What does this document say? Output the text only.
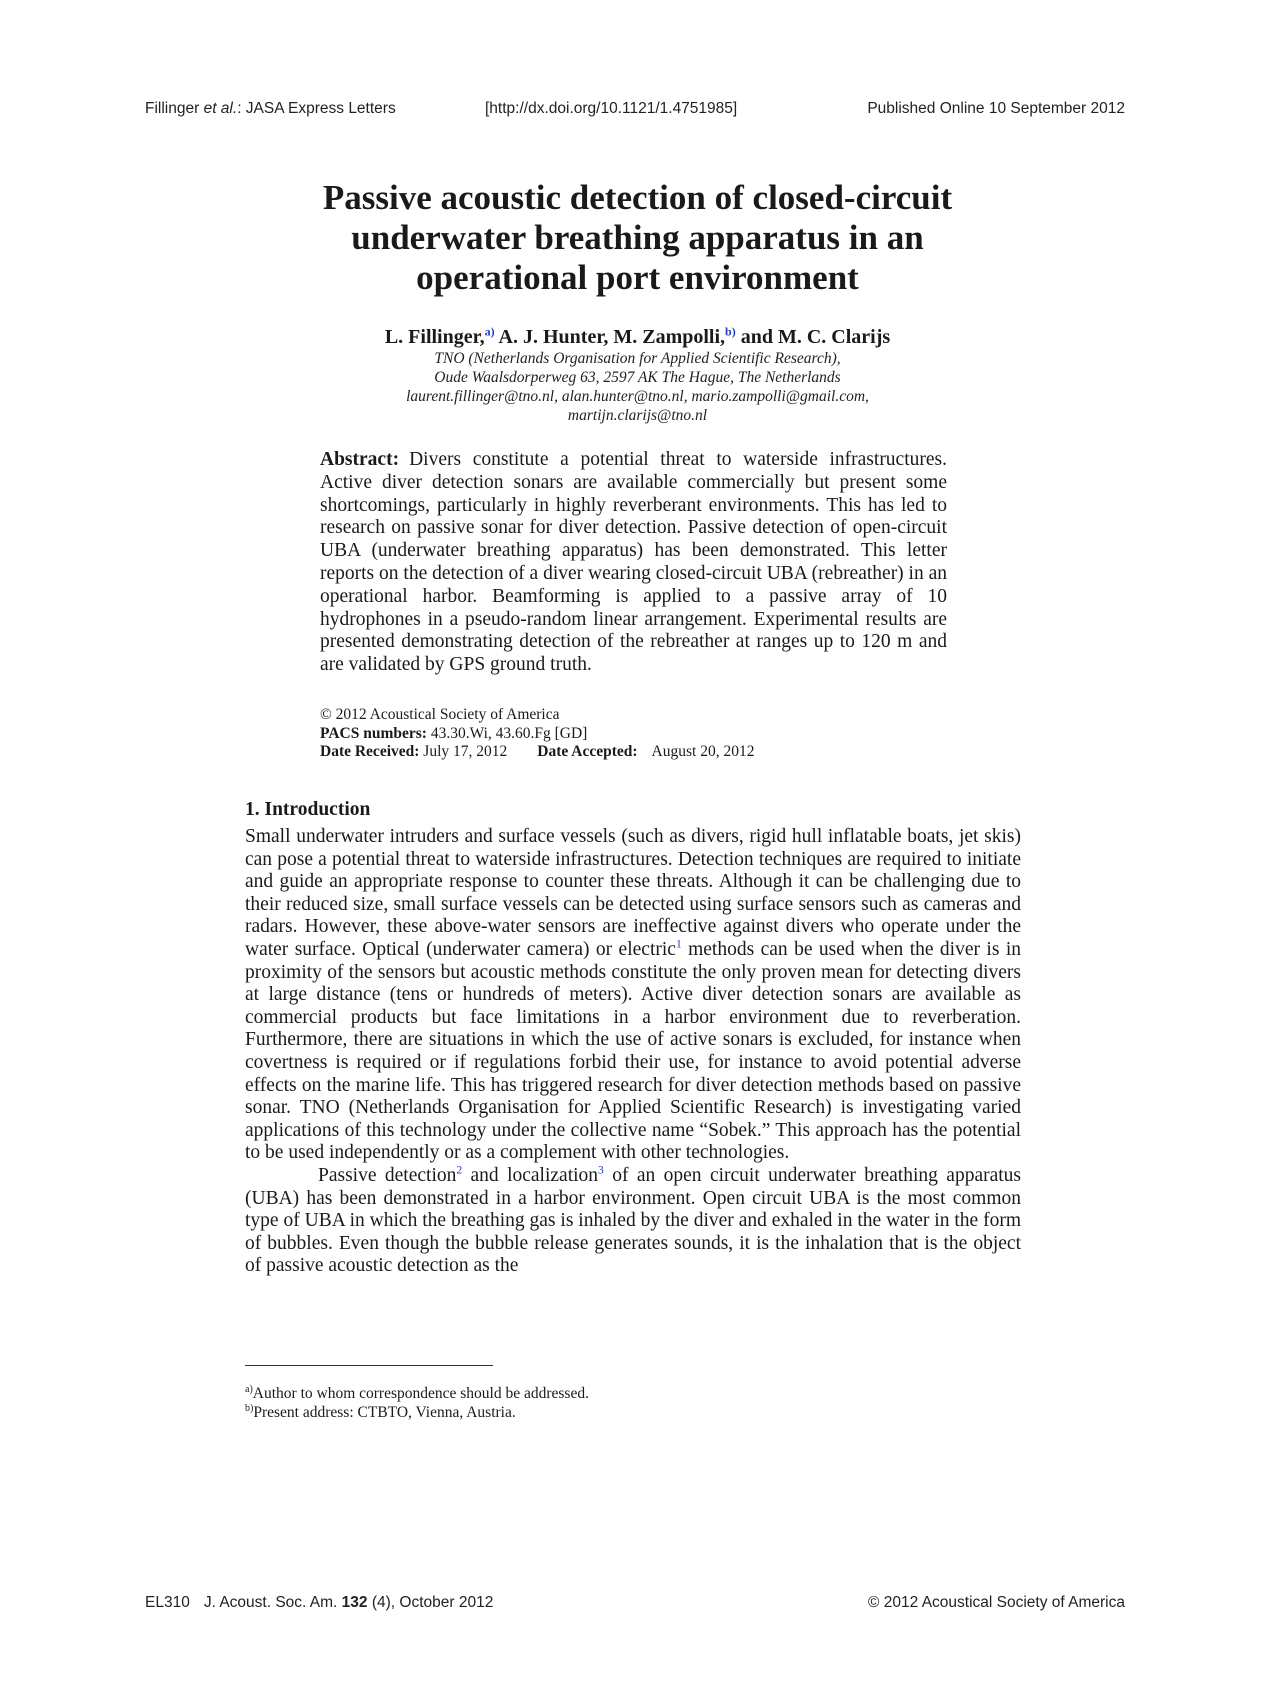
Fillinger et al.: JASA Express Letters	[http://dx.doi.org/10.1121/1.4751985]	Published Online 10 September 2012
Passive acoustic detection of closed-circuit
underwater breathing apparatus in an
operational port environment
L. Fillinger,$^{a)}$ A. J. Hunter, M. Zampolli,$^{b)}$ and M. C. Clarijs
TNO (Netherlands Organisation for Applied Scientific Research),
Oude Waalsdorperweg 63, 2597 AK The Hague, The Netherlands
laurent.fillinger@tno.nl, alan.hunter@tno.nl, mario.zampolli@gmail.com,
martijn.clarijs@tno.nl
Abstract: Divers constitute a potential threat to waterside infrastructures. Active diver detection sonars are available commercially but present some shortcomings, particularly in highly reverberant environments. This has led to research on passive sonar for diver detection. Passive detection of open-circuit UBA (underwater breathing apparatus) has been demonstrated. This letter reports on the detection of a diver wearing closed-circuit UBA (rebreather) in an operational harbor. Beamforming is applied to a passive array of 10 hydrophones in a pseudo-random linear arrangement. Experimental results are presented demonstrating detection of the rebreather at ranges up to 120 m and are validated by GPS ground truth.
© 2012 Acoustical Society of America
PACS numbers: 43.30.Wi, 43.60.Fg [GD]
Date Received: July 17, 2012 Date Accepted: August 20, 2012
1. Introduction

Small underwater intruders and surface vessels (such as divers, rigid hull inflatable boats, jet skis) can pose a potential threat to waterside infrastructures. Detection techniques are required to initiate and guide an appropriate response to counter these threats. Although it can be challenging due to their reduced size, small surface vessels can be detected using surface sensors such as cameras and radars. However, these above-water sensors are ineffective against divers who operate under the water surface. Optical (underwater camera) or electric$^1$ methods can be used when the diver is in proximity of the sensors but acoustic methods constitute the only proven mean for detecting divers at large distance (tens or hundreds of meters). Active diver detection sonars are available as commercial products but face limitations in a harbor environment due to reverberation. Furthermore, there are situations in which the use of active sonars is excluded, for instance when covertness is required or if regulations forbid their use, for instance to avoid potential adverse effects on the marine life. This has triggered research for diver detection methods based on passive sonar. TNO (Netherlands Organisation for Applied Scientific Research) is investigating varied applications of this technology under the collective name “Sobek.” This approach has the potential to be used independently or as a complement with other technologies.

Passive detection$^2$ and localization$^3$ of an open circuit underwater breathing apparatus (UBA) has been demonstrated in a harbor environment. Open circuit UBA is the most common type of UBA in which the breathing gas is inhaled by the diver and exhaled in the water in the form of bubbles. Even though the bubble release generates sounds, it is the inhalation that is the object of passive acoustic detection as the

$^{a)}$Author to whom correspondence should be addressed.
$^{b)}$Present address: CTBTO, Vienna, Austria.
EL310 J. Acoust. Soc. Am. 132 (4), October 2012	© 2012 Acoustical Society of America
